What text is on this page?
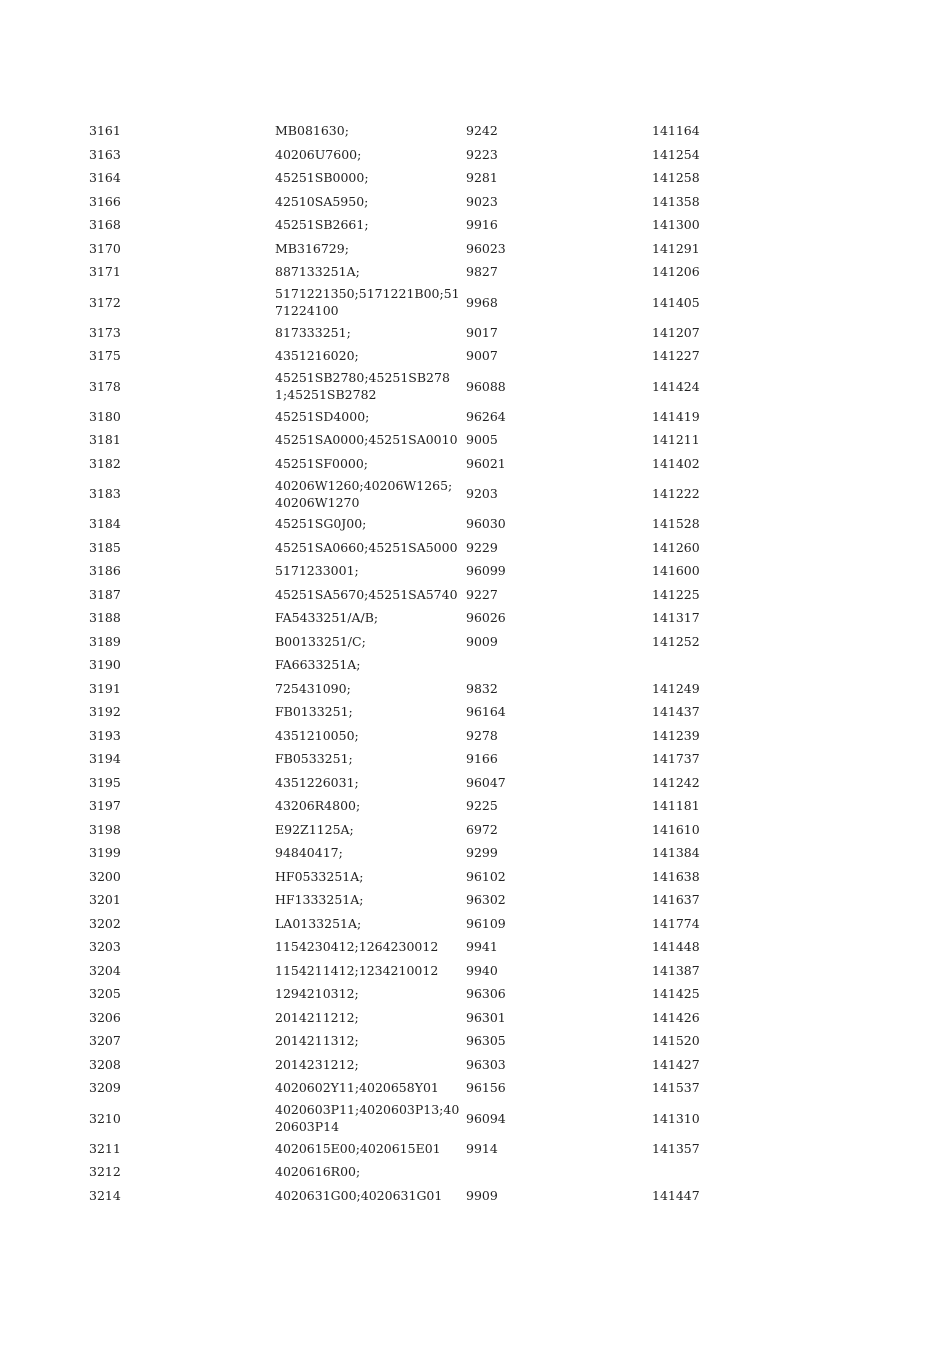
3161	MB081630;	9242	141164
3163	40206U7600;	9223	141254
3164	45251SB0000;	9281	141258
3166	42510SA5950;	9023	141358
3168	45251SB2661;	9916	141300
3170	MB316729;	96023	141291
3171	887133251A;	9827	141206
3172	5171221350;5171221B00;5171224100	9968	141405
3173	817333251;	9017	141207
3175	4351216020;	9007	141227
3178	45251SB2780;45251SB2781;45251SB2782	96088	141424
3180	45251SD4000;	96264	141419
3181	45251SA0000;45251SA0010	9005	141211
3182	45251SF0000;	96021	141402
3183	40206W1260;40206W1265;40206W1270	9203	141222
3184	45251SG0J00;	96030	141528
3185	45251SA0660;45251SA5000	9229	141260
3186	5171233001;	96099	141600
3187	45251SA5670;45251SA5740	9227	141225
3188	FA5433251/A/B;	96026	141317
3189	B00133251/C;	9009	141252
3190	FA6633251A;		
3191	725431090;	9832	141249
3192	FB0133251;	96164	141437
3193	4351210050;	9278	141239
3194	FB0533251;	9166	141737
3195	4351226031;	96047	141242
3197	43206R4800;	9225	141181
3198	E92Z1125A;	6972	141610
3199	94840417;	9299	141384
3200	HF0533251A;	96102	141638
3201	HF1333251A;	96302	141637
3202	LA0133251A;	96109	141774
3203	1154230412;1264230012	9941	141448
3204	1154211412;1234210012	9940	141387
3205	1294210312;	96306	141425
3206	2014211212;	96301	141426
3207	2014211312;	96305	141520
3208	2014231212;	96303	141427
3209	4020602Y11;4020658Y01	96156	141537
3210	4020603P11;4020603P13;4020603P14	96094	141310
3211	4020615E00;4020615E01	9914	141357
3212	4020616R00;		
3214	4020631G00;4020631G01	9909	141447
